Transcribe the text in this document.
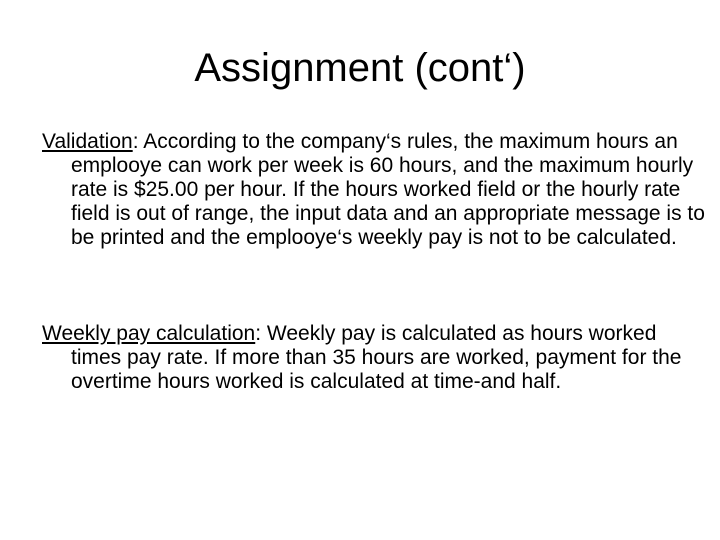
Assignment (cont‘)

Validation: According to the company‘s rules, the maximum hours an emplooye can work per week is 60 hours, and the maximum hourly rate is $25.00 per hour. If the hours worked field or the hourly rate field is out of range, the input data and an appropriate message is to be printed and the emplooye‘s weekly pay is not to be calculated.

Weekly pay calculation: Weekly pay is calculated as hours worked times pay rate. If more than 35 hours are worked, payment for the overtime hours worked is calculated at time-and half.
